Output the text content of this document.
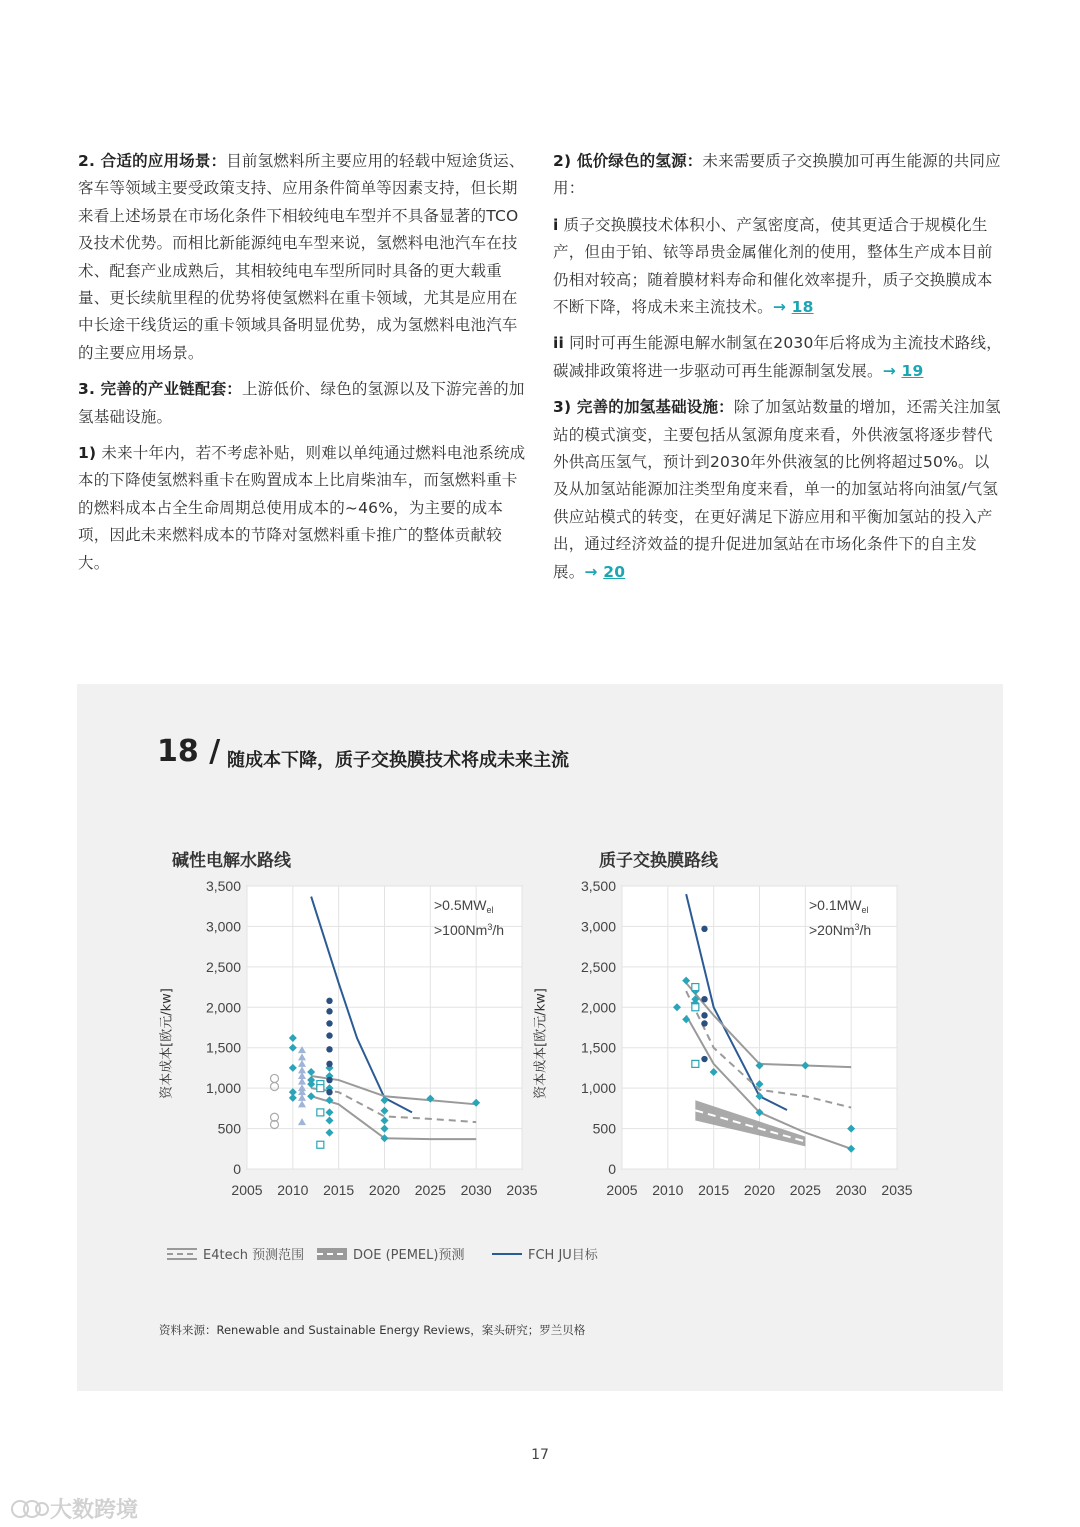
2. 合适的应用场景：目前氢燃料所主要应用的轻载中短途货运、客车等领域主要受政策支持、应用条件简单等因素支持，但长期来看上述场景在市场化条件下相较纯电车型并不具备显著的TCO及技术优势。而相比新能源纯电车型来说，氢燃料电池汽车在技术、配套产业成熟后，其相较纯电车型所同时具备的更大载重量、更长续航里程的优势将使氢燃料在重卡领域，尤其是应用在中长途干线货运的重卡领域具备明显优势，成为氢燃料电池汽车的主要应用场景。

3. 完善的产业链配套：上游低价、绿色的氢源以及下游完善的加氢基础设施。

1) 未来十年内，若不考虑补贴，则难以单纯通过燃料电池系统成本的下降使氢燃料重卡在购置成本上比肩柴油车，而氢燃料重卡的燃料成本占全生命周期总使用成本的~46%，为主要的成本项，因此未来燃料成本的节降对氢燃料重卡推广的整体贡献较大。

2) 低价绿色的氢源：未来需要质子交换膜加可再生能源的共同应用：

i 质子交换膜技术体积小、产氢密度高，使其更适合于规模化生产，但由于铂、铱等昂贵金属催化剂的使用，整体生产成本目前仍相对较高；随着膜材料寿命和催化效率提升，质子交换膜成本不断下降，将成未来主流技术。→ 18

ii 同时可再生能源电解水制氢在2030年后将成为主流技术路线，碳减排政策将进一步驱动可再生能源制氢发展。→ 19

3) 完善的加氢基础设施：除了加氢站数量的增加，还需关注加氢站的模式演变，主要包括从氢源角度来看，外供液氢将逐步替代外供高压氢气，预计到2030年外供液氢的比例将超过50%。以及从加氢站能源加注类型角度来看，单一的加氢站将向油氢/气氢供应站模式的转变，在更好满足下游应用和平衡加氢站的投入产出，通过经济效益的提升促进加氢站在市场化条件下的自主发展。→ 20

18 / 随成本下降，质子交换膜技术将成未来主流
碱性电解水路线	质子交换膜路线
资本成本[欧元/kw]	资本成本[欧元/kw]
0
500
1,000
1,500
2,000
2,500
3,000
3,500
2005 2010 2015 2020 2025 2030 2035
$>0.5MW_{el}$
$>100Nm^3/h$
0
500
1,000
1,500
2,000
2,500
3,000
3,500
2005 2010 2015 2020 2025 2030 2035
$>0.1MW_{el}$
$>20Nm^3/h$
E4tech 预测范围	DOE (PEMEL)预测	FCH JU目标
资料来源：Renewable and Sustainable Energy Reviews，案头研究；罗兰贝格
17
大数跨境
